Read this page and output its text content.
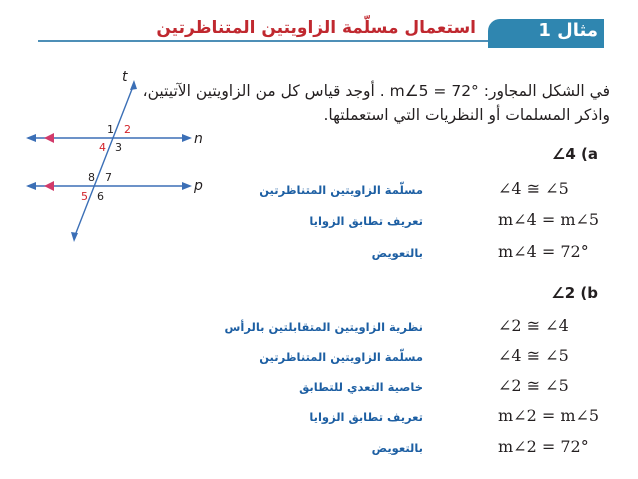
استعمال مسلّمة الزاويتين المتناظرتين	مثال 1
في الشكل المجاور: m∠5 = 72° . أوجد قياس كل من الزاويتين الآتيتين،
واذكر المسلمات أو النظريات التي استعملتها.
t
n
p
1 2
4 3
8 7
5 6
∠4 (a
∠4 ≅ ∠5
مسلّمة الزاويتين المتناظرتين
m∠4 = m∠5
تعريف تطابق الزوايا
m∠4 = 72°
بالتعويض
∠2 (b
∠2 ≅ ∠4
نظرية الزاويتين المتقابلتين بالرأس
∠4 ≅ ∠5
مسلّمة الزاويتين المتناظرتين
∠2 ≅ ∠5
خاصية التعدي للتطابق
m∠2 = m∠5
تعريف تطابق الزوايا
m∠2 = 72°
بالتعويض
